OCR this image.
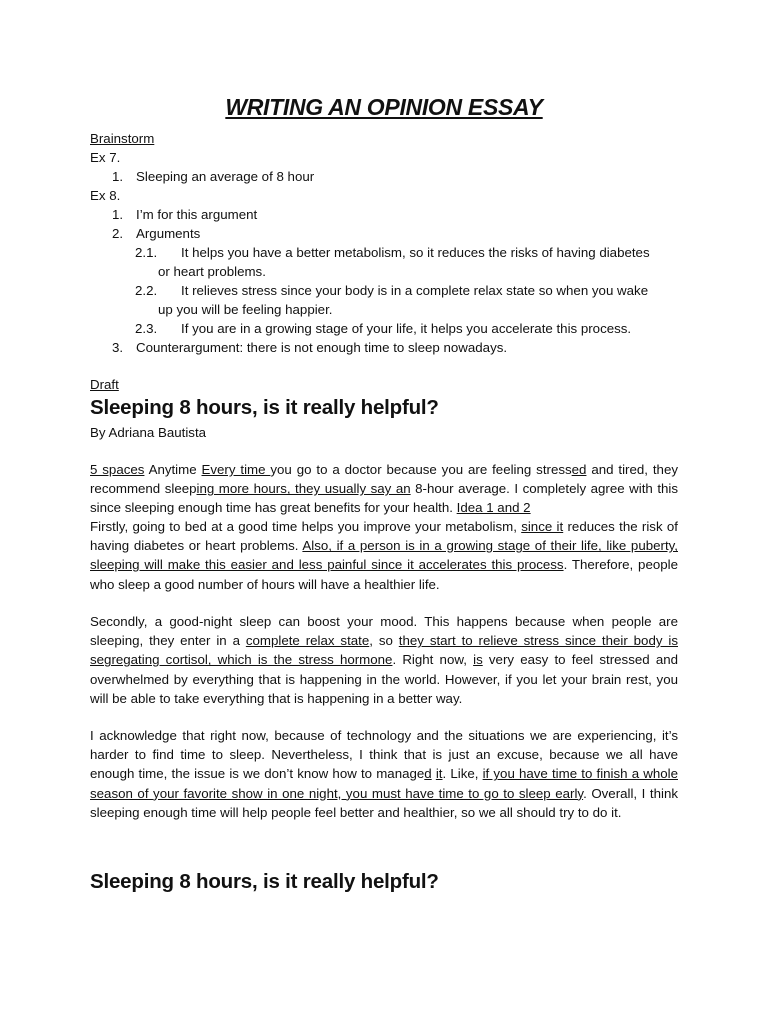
WRITING AN OPINION ESSAY
Brainstorm
Ex 7.
1. Sleeping an average of 8 hour
Ex 8.
1. I’m for this argument
2. Arguments
2.1. It helps you have a better metabolism, so it reduces the risks of having diabetes
or heart problems.
2.2. It relieves stress since your body is in a complete relax state so when you wake
up you will be feeling happier.
2.3. If you are in a growing stage of your life, it helps you accelerate this process.
3. Counterargument: there is not enough time to sleep nowadays.
Draft
Sleeping 8 hours, is it really helpful?
By Adriana Bautista
5 spaces Anytime Every time you go to a doctor because you are feeling stressed and tired, they recommend sleeping more hours, they usually say an 8-hour average. I completely agree with this since sleeping enough time has great benefits for your health. Idea 1 and 2
Firstly, going to bed at a good time helps you improve your metabolism, since it reduces the risk of having diabetes or heart problems. Also, if a person is in a growing stage of their life, like puberty, sleeping will make this easier and less painful since it accelerates this process. Therefore, people who sleep a good number of hours will have a healthier life.
Secondly, a good-night sleep can boost your mood. This happens because when people are sleeping, they enter in a complete relax state, so they start to relieve stress since their body is segregating cortisol, which is the stress hormone. Right now, is very easy to feel stressed and overwhelmed by everything that is happening in the world. However, if you let your brain rest, you will be able to take everything that is happening in a better way.
I acknowledge that right now, because of technology and the situations we are experiencing, it’s harder to find time to sleep. Nevertheless, I think that is just an excuse, because we all have enough time, the issue is we don’t know how to managed it. Like, if you have time to finish a whole season of your favorite show in one night, you must have time to go to sleep early. Overall, I think sleeping enough time will help people feel better and healthier, so we all should try to do it.
Sleeping 8 hours, is it really helpful?
